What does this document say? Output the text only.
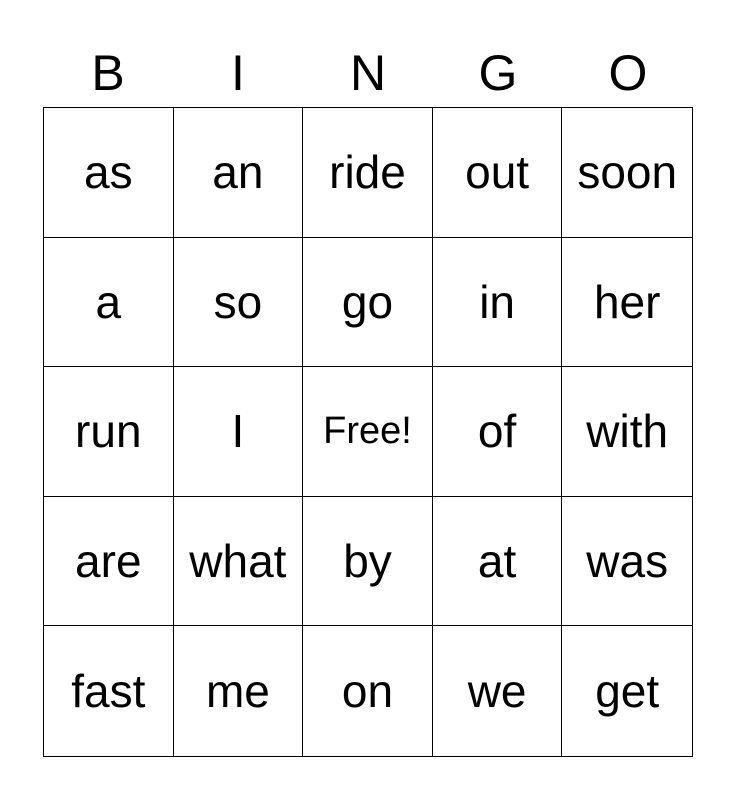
B	I	N	G	O
as	an	ride	out	soon
a	so	go	in	her
run	I	Free!	of	with
are	what	by	at	was
fast	me	on	we	get
